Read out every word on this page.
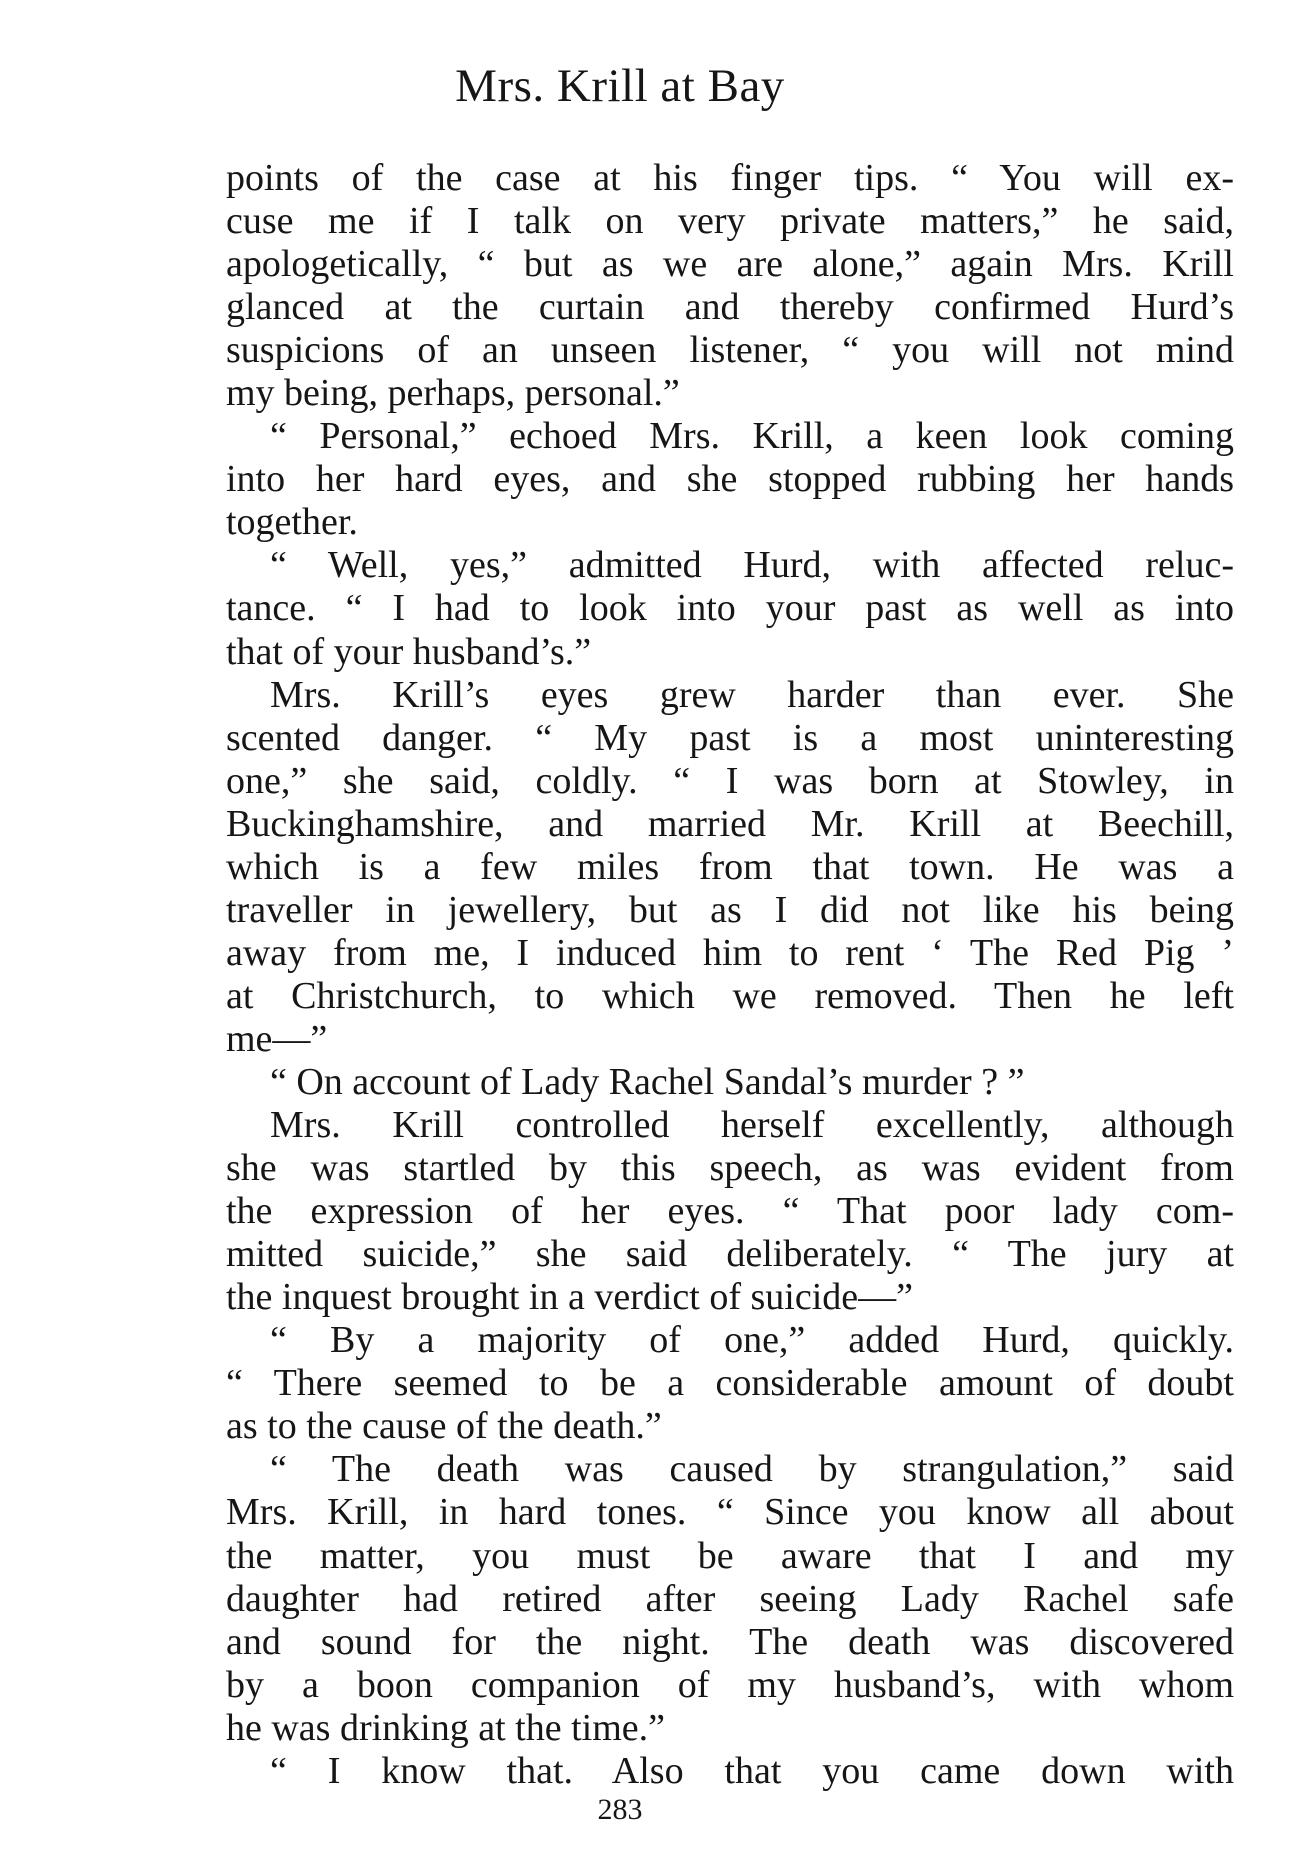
Mrs. Krill at Bay
points of the case at his finger tips. “ You will ex-
cuse me if I talk on very private matters,” he said,
apologetically, “ but as we are alone,” again Mrs. Krill
glanced at the curtain and thereby confirmed Hurd’s
suspicions of an unseen listener, “ you will not mind
my being, perhaps, personal.”
“ Personal,” echoed Mrs. Krill, a keen look coming
into her hard eyes, and she stopped rubbing her hands
together.
“ Well, yes,” admitted Hurd, with affected reluc-
tance. “ I had to look into your past as well as into
that of your husband’s.”
Mrs. Krill’s eyes grew harder than ever. She
scented danger. “ My past is a most uninteresting
one,” she said, coldly. “ I was born at Stowley, in
Buckinghamshire, and married Mr. Krill at Beechill,
which is a few miles from that town. He was a
traveller in jewellery, but as I did not like his being
away from me, I induced him to rent ‘ The Red Pig ’
at Christchurch, to which we removed. Then he left
me—”
“ On account of Lady Rachel Sandal’s murder ? ”
Mrs. Krill controlled herself excellently, although
she was startled by this speech, as was evident from
the expression of her eyes. “ That poor lady com-
mitted suicide,” she said deliberately. “ The jury at
the inquest brought in a verdict of suicide—”
“ By a majority of one,” added Hurd, quickly.
“ There seemed to be a considerable amount of doubt
as to the cause of the death.”
“ The death was caused by strangulation,” said
Mrs. Krill, in hard tones. “ Since you know all about
the matter, you must be aware that I and my
daughter had retired after seeing Lady Rachel safe
and sound for the night. The death was discovered
by a boon companion of my husband’s, with whom
he was drinking at the time.”
“ I know that. Also that you came down with
283
